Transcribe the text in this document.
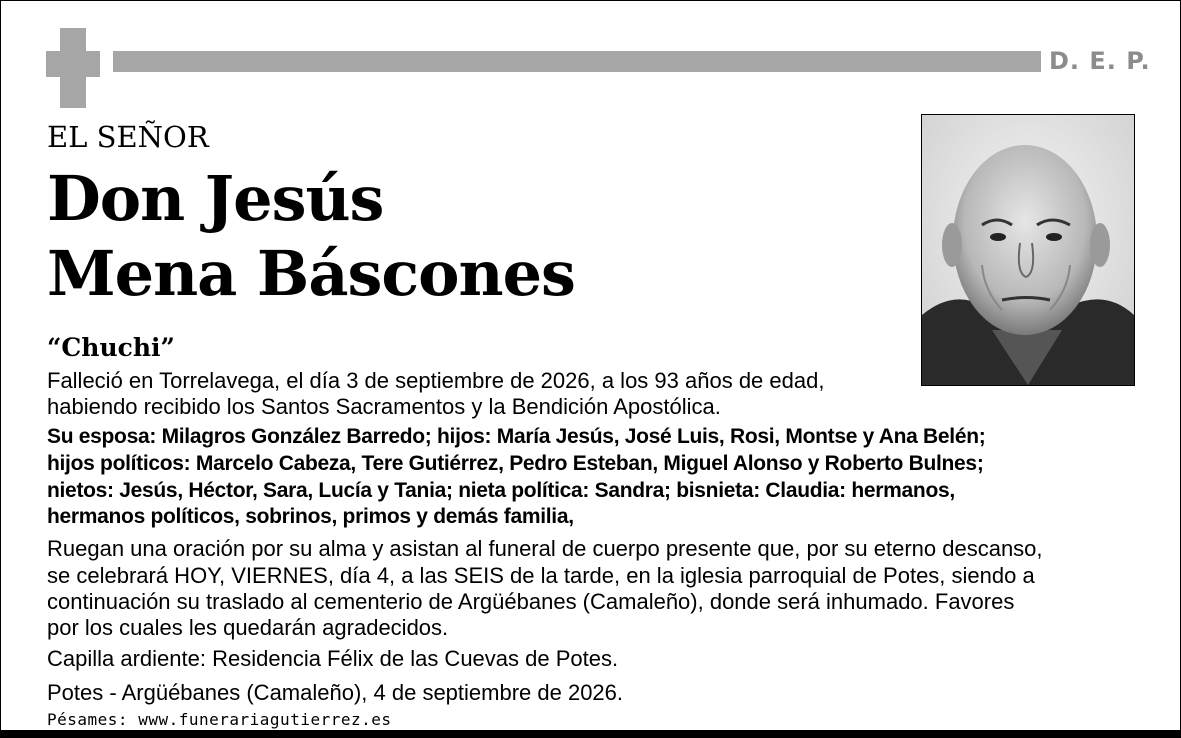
D. E. P.
EL SEÑOR
Don Jesús
Mena Báscones
“Chuchi”
Falleció en Torrelavega, el día 3 de septiembre de 2026, a los 93 años de edad,
habiendo recibido los Santos Sacramentos y la Bendición Apostólica.
Su esposa: Milagros González Barredo; hijos: María Jesús, José Luis, Rosi, Montse y Ana Belén;
hijos políticos: Marcelo Cabeza, Tere Gutiérrez, Pedro Esteban, Miguel Alonso y Roberto Bulnes;
nietos: Jesús, Héctor, Sara, Lucía y Tania; nieta política: Sandra; bisnieta: Claudia: hermanos,
hermanos políticos, sobrinos, primos y demás familia,
Ruegan una oración por su alma y asistan al funeral de cuerpo presente que, por su eterno descanso,
se celebrará HOY, VIERNES, día 4, a las SEIS de la tarde, en la iglesia parroquial de Potes, siendo a
continuación su traslado al cementerio de Argüébanes (Camaleño), donde será inhumado. Favores
por los cuales les quedarán agradecidos.
Capilla ardiente: Residencia Félix de las Cuevas de Potes.
Potes - Argüébanes (Camaleño), 4 de septiembre de 2026.
Pésames: www.funerariagutierrez.es
